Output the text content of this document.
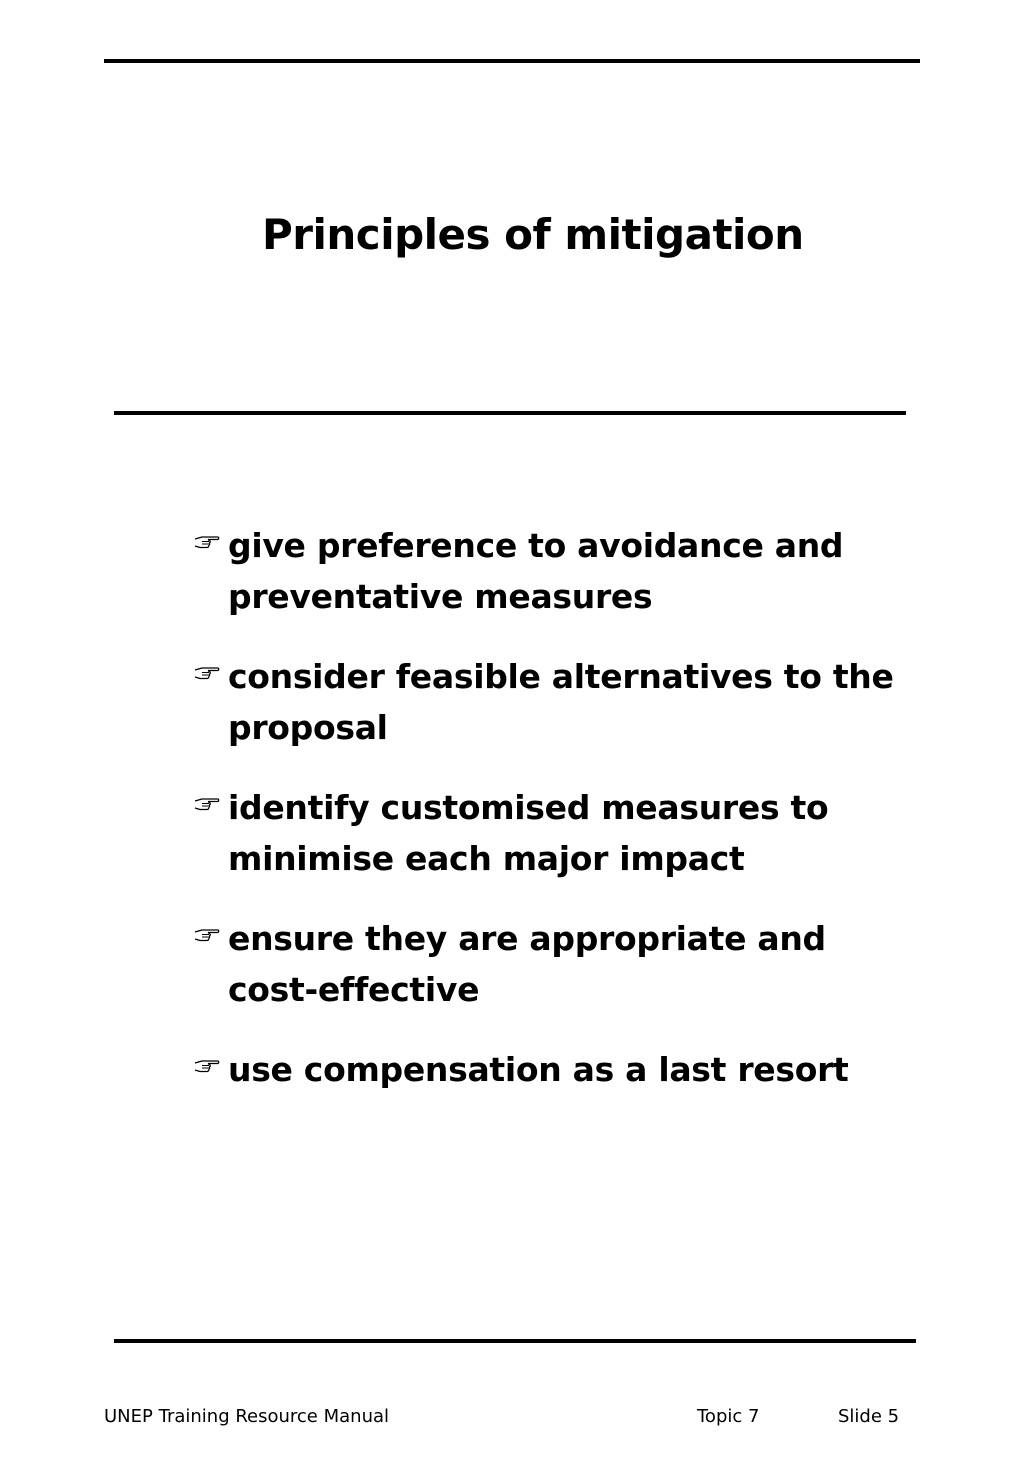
Principles of mitigation
give preference to avoidance and preventative measures
consider feasible alternatives to the proposal
identify customised measures to minimise each major impact
ensure they are appropriate and cost-effective
use compensation as a last resort
UNEP Training Resource Manual	Topic 7	Slide 5
